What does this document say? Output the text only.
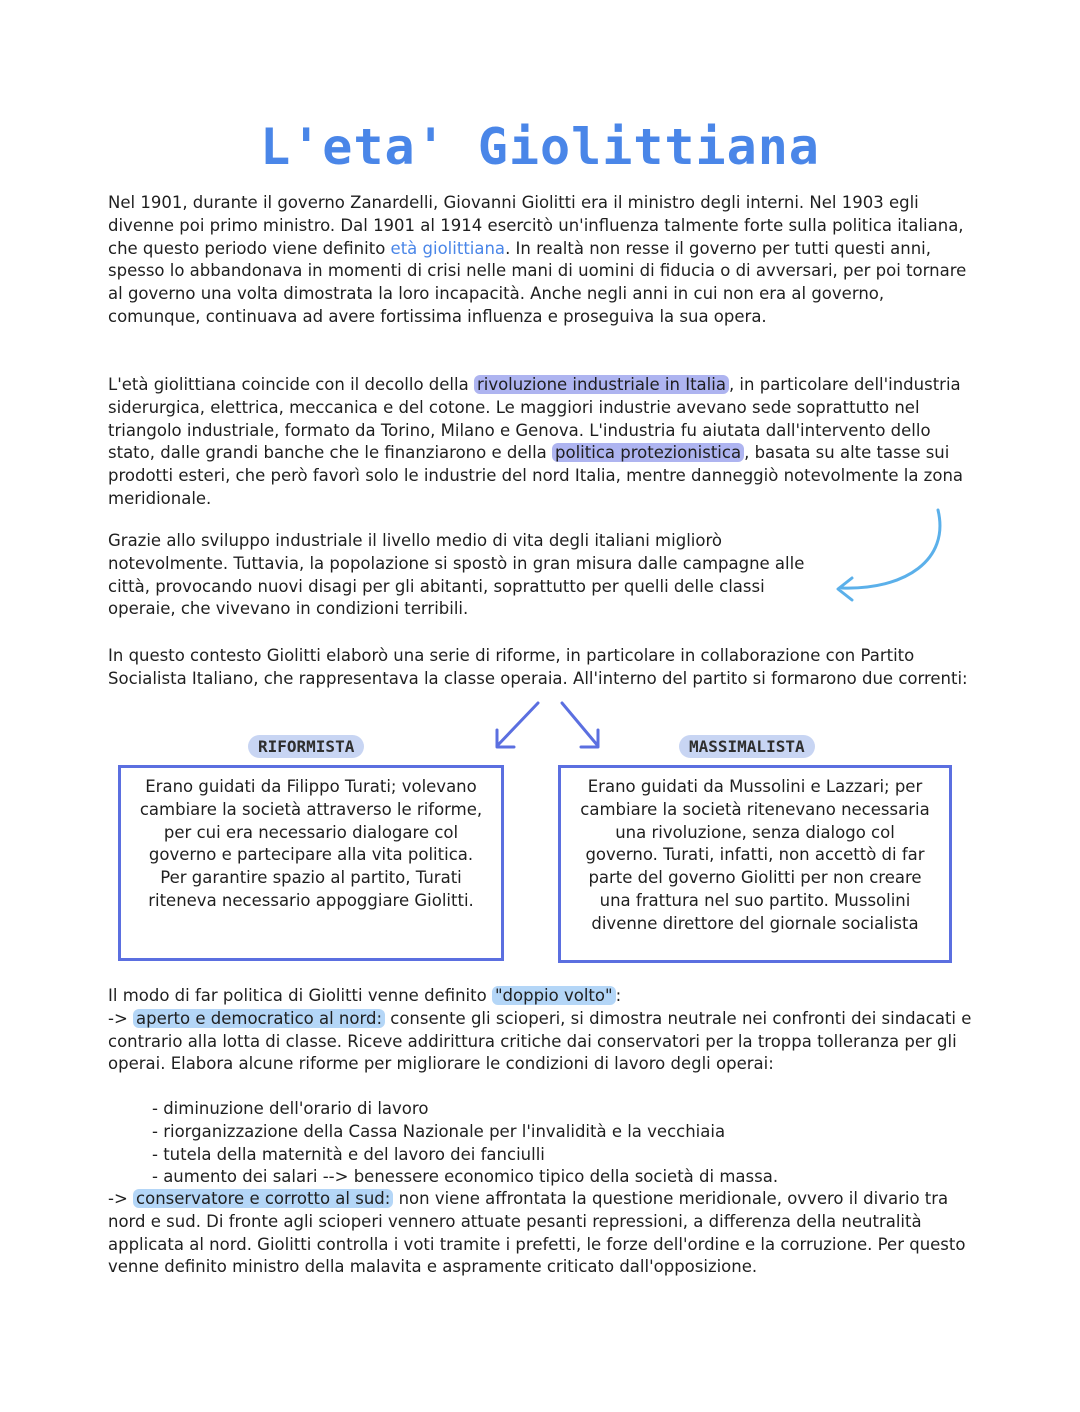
L'eta' Giolittiana

Nel 1901, durante il governo Zanardelli, Giovanni Giolitti era il ministro degli interni. Nel 1903 egli divenne poi primo ministro. Dal 1901 al 1914 esercitò un'influenza talmente forte sulla politica italiana, che questo periodo viene definito età giolittiana. In realtà non resse il governo per tutti questi anni, spesso lo abbandonava in momenti di crisi nelle mani di uomini di fiducia o di avversari, per poi tornare al governo una volta dimostrata la loro incapacità. Anche negli anni in cui non era al governo, comunque, continuava ad avere fortissima influenza e proseguiva la sua opera.

L'età giolittiana coincide con il decollo della rivoluzione industriale in Italia , in particolare dell'industria siderurgica, elettrica, meccanica e del cotone. Le maggiori industrie avevano sede soprattutto nel triangolo industriale, formato da Torino, Milano e Genova. L'industria fu aiutata dall'intervento dello stato, dalle grandi banche che le finanziarono e della politica protezionistica , basata su alte tasse sui prodotti esteri, che però favorì solo le industrie del nord Italia, mentre danneggiò notevolmente la zona meridionale.

Grazie allo sviluppo industriale il livello medio di vita degli italiani migliorò notevolmente. Tuttavia, la popolazione si spostò in gran misura dalle campagne alle città, provocando nuovi disagi per gli abitanti, soprattutto per quelli delle classi operaie, che vivevano in condizioni terribili.

In questo contesto Giolitti elaborò una serie di riforme, in particolare in collaborazione con Partito Socialista Italiano, che rappresentava la classe operaia. All'interno del partito si formarono due correnti:

RIFORMISTA	MASSIMALISTA
Erano guidati da Filippo Turati; volevano cambiare la società attraverso le riforme, per cui era necessario dialogare col governo e partecipare alla vita politica. Per garantire spazio al partito, Turati riteneva necessario appoggiare Giolitti.
Erano guidati da Mussolini e Lazzari; per cambiare la società ritenevano necessaria una rivoluzione, senza dialogo col governo. Turati, infatti, non accettò di far parte del governo Giolitti per non creare una frattura nel suo partito. Mussolini divenne direttore del giornale socialista

Il modo di far politica di Giolitti venne definito "doppio volto" :
-> aperto e democratico al nord: consente gli scioperi, si dimostra neutrale nei confronti dei sindacati e contrario alla lotta di classe. Riceve addirittura critiche dai conservatori per la troppa tolleranza per gli operai. Elabora alcune riforme per migliorare le condizioni di lavoro degli operai:

- diminuzione dell'orario di lavoro
- riorganizzazione della Cassa Nazionale per l'invalidità e la vecchiaia
- tutela della maternità e del lavoro dei fanciulli
- aumento dei salari --> benessere economico tipico della società di massa.

-> conservatore e corrotto al sud: non viene affrontata la questione meridionale, ovvero il divario tra nord e sud. Di fronte agli scioperi vennero attuate pesanti repressioni, a differenza della neutralità applicata al nord. Giolitti controlla i voti tramite i prefetti, le forze dell'ordine e la corruzione. Per questo venne definito ministro della malavita e aspramente criticato dall'opposizione.
